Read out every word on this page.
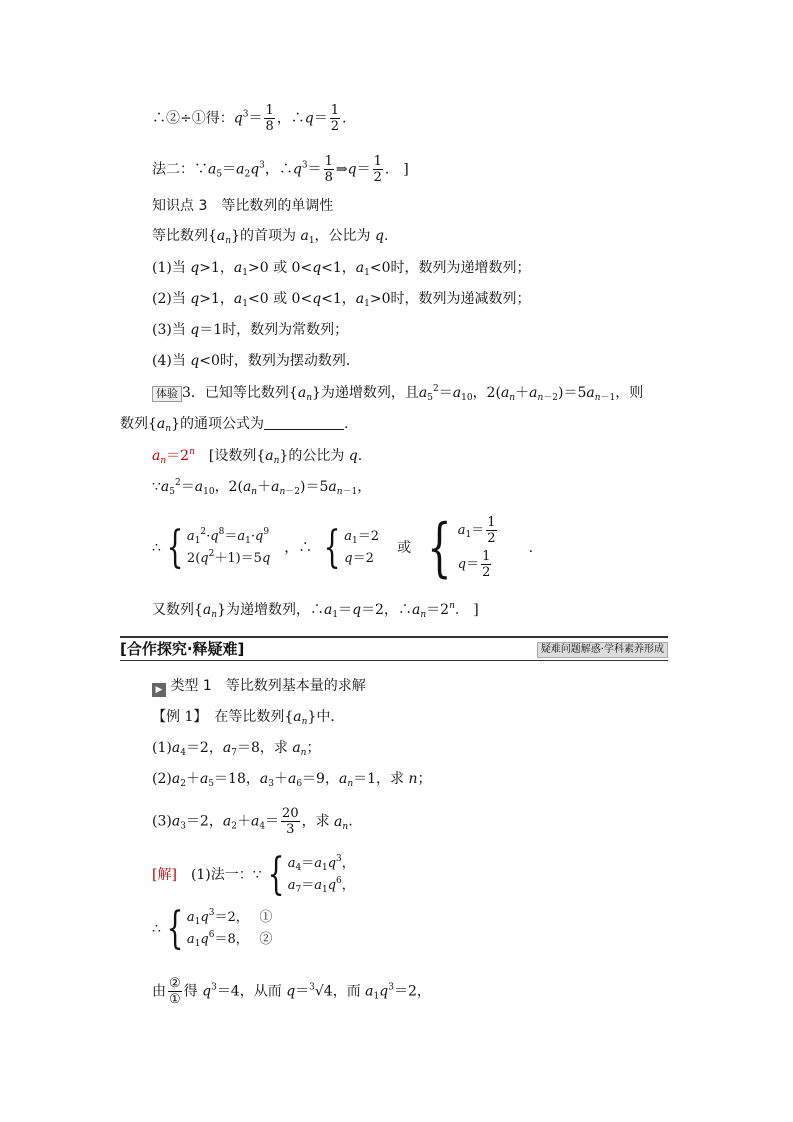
∴②÷①得：$q^3= \frac{1}{8}$ ，∴q＝ $\frac{1}{2}$ .
法二：$\because a_5=a_2q^3$，$\therefore q^3= \frac{1}{8}$ ⇒q＝ $\frac{1}{2}$ .　]
知识点 3　等比数列的单调性
等比数列$\{a_n\}$的首项为 $a_1$，公比为 q.
(1)当 q>1，$a_1>0$ 或 0<q<1，$a_1<0$时，数列为递增数列；
(2)当 q>1，$a_1<0$ 或 0<q<1，$a_1>0$时，数列为递减数列；
(3)当 q＝1时，数列为常数列；
(4)当 q<0时，数列为摆动数列．
体验 3．已知等比数列$\{a_n\}$为递增数列，且$a_5^2=a_{10}$，$2(a_n+a_{n-2})=5a_{n-1}$，则
数列$\{a_n\}$的通项公式为	.
$a_n=2^n$　 [设数列$\{a_n\}$的公比为 q.
$\because a_5^2=a_{10}$，$2(a_n+a_{n-2})=5a_{n-1}$，
∴ { $a_1^2\cdot q^8=a_1\cdot q^9$
$2(q^2+1)=5q$
，∴ { $a_1=2$
q＝2
或 { $a_1= \frac{1}{2}$
$q= \frac{1}{2}$
.
又数列$\{a_n\}$为递增数列，$\therefore a_1=q=2$，$\therefore a_n=2^n$.　]
[合作探究·释疑难]	疑难问题解惑·学科素养形成
▶ 类型 1　等比数列基本量的求解
【例 1】　 在等比数列$\{a_n\}$中．
$(1)a_4=2$，$a_7=8$，求 $a_n$；
$(2)a_2+a_5=18$，$a_3+a_6=9$，$a_n=1$，求 n；
$(3)a_3=2$，$a_2+a_4= \frac{20}{3}$ ，求 $a_n$.
[解]
　 (1)法一： ∵ { $a_4=a_1q^3$，
$a_7=a_1q^6$，
∴ { $a_1q^3=2$，　 ①
$a_1q^6=8$，　 ②
由 $\frac{\text{②}}{\text{①}}$ 得 $q^3=4$，从而 q＝$^3$√4，而 $a_1q^3=2$，
